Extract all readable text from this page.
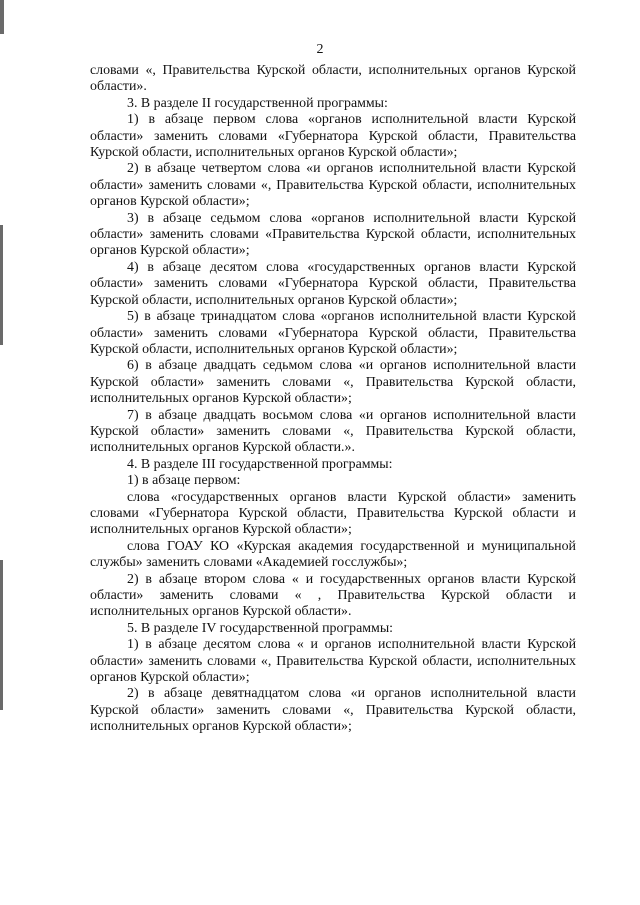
2

словами «, Правительства Курской области, исполнительных органов Курской области».

3. В разделе II государственной программы:

1) в абзаце первом слова «органов исполнительной власти Курской области» заменить словами «Губернатора Курской области, Правительства Курской области, исполнительных органов Курской области»;

2) в абзаце четвертом слова «и органов исполнительной власти Курской области» заменить словами «, Правительства Курской области, исполнительных органов Курской области»;

3) в абзаце седьмом слова «органов исполнительной власти Курской области» заменить словами «Правительства Курской области, исполнительных органов Курской области»;

4) в абзаце десятом слова «государственных органов власти Курской области» заменить словами «Губернатора Курской области, Правительства Курской области, исполнительных органов Курской области»;

5) в абзаце тринадцатом слова «органов исполнительной власти Курской области» заменить словами «Губернатора Курской области, Правительства Курской области, исполнительных органов Курской области»;

6) в абзаце двадцать седьмом слова «и органов исполнительной власти Курской области» заменить словами «, Правительства Курской области, исполнительных органов Курской области»;

7) в абзаце двадцать восьмом слова «и органов исполнительной власти Курской области» заменить словами «, Правительства Курской области, исполнительных органов Курской области.».

4. В разделе III государственной программы:

1) в абзаце первом:

слова «государственных органов власти Курской области» заменить словами «Губернатора Курской области, Правительства Курской области и исполнительных органов Курской области»;

слова ГОАУ КО «Курская академия государственной и муниципальной службы» заменить словами «Академией госслужбы»;

2) в абзаце втором слова « и государственных органов власти Курской области» заменить словами « , Правительства Курской области и исполнительных органов Курской области».

5. В разделе IV государственной программы:

1) в абзаце десятом слова « и органов исполнительной власти Курской области» заменить словами «, Правительства Курской области, исполнительных органов Курской области»;

2) в абзаце девятнадцатом слова «и органов исполнительной власти Курской области» заменить словами «, Правительства Курской области, исполнительных органов Курской области»;
